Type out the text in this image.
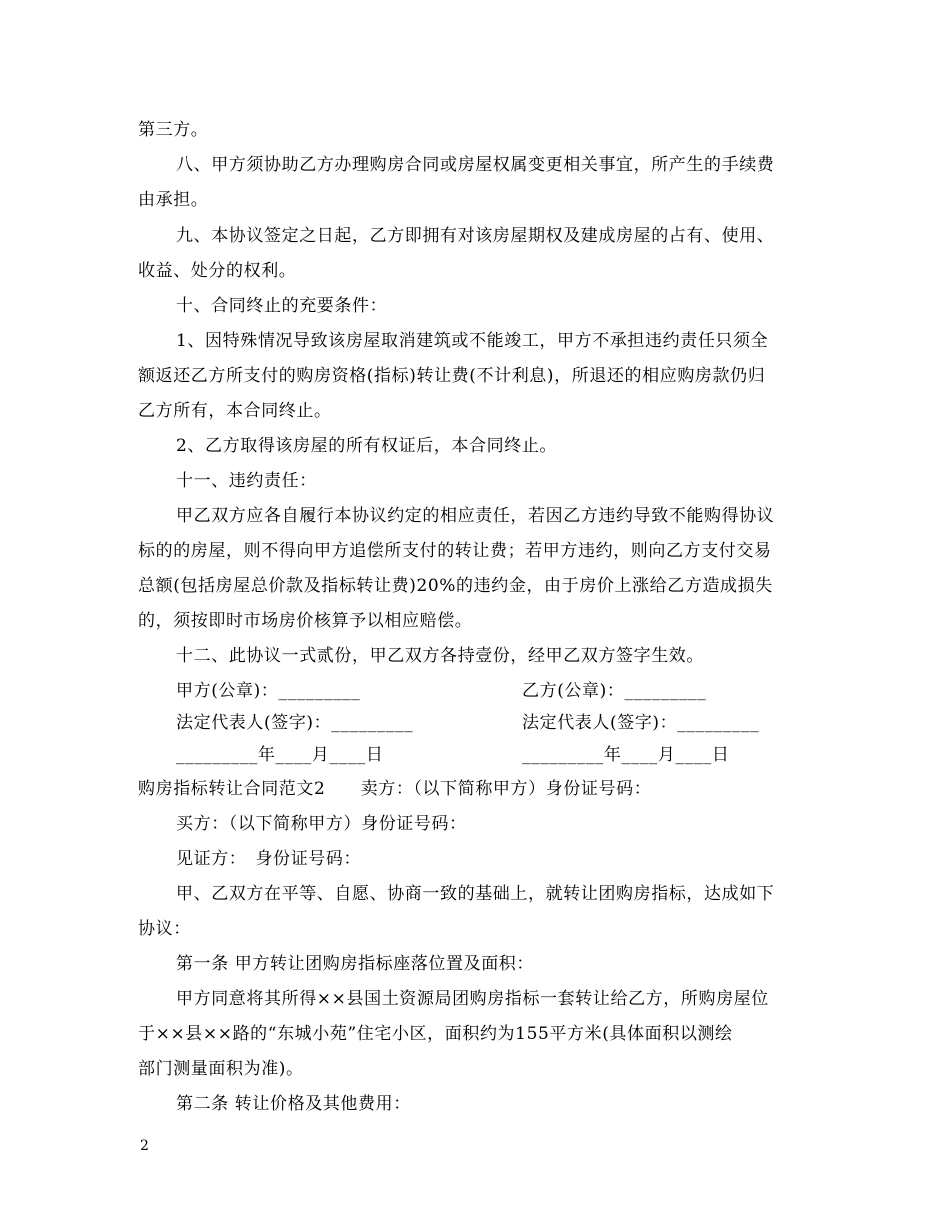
第三方。
八、甲方须协助乙方办理购房合同或房屋权属变更相关事宜，所产生的手续费
由承担。
九、本协议签定之日起，乙方即拥有对该房屋期权及建成房屋的占有、使用、
收益、处分的权利。
十、合同终止的充要条件：
1、因特殊情况导致该房屋取消建筑或不能竣工，甲方不承担违约责任只须全
额返还乙方所支付的购房资格(指标)转让费(不计利息)，所退还的相应购房款仍归
乙方所有，本合同终止。
2、乙方取得该房屋的所有权证后，本合同终止。
十一、违约责任：
甲乙双方应各自履行本协议约定的相应责任，若因乙方违约导致不能购得协议
标的的房屋，则不得向甲方追偿所支付的转让费；若甲方违约，则向乙方支付交易
总额(包括房屋总价款及指标转让费)20%的违约金，由于房价上涨给乙方造成损失
的，须按即时市场房价核算予以相应赔偿。
十二、此协议一式贰份，甲乙双方各持壹份，经甲乙双方签字生效。
甲方(公章)：_________	乙方(公章)：_________
法定代表人(签字)：_________	法定代表人(签字)：_________
_________年____月____日	_________年____月____日
购房指标转让合同范文2　　卖方：（以下简称甲方）身份证号码：
买方：（以下简称甲方）身份证号码：
见证方：　身份证号码：
甲、乙双方在平等、自愿、协商一致的基础上，就转让团购房指标，达成如下
协议：
第一条 甲方转让团购房指标座落位置及面积：
甲方同意将其所得××县国土资源局团购房指标一套转让给乙方，所购房屋位
于××县××路的“东城小苑”住宅小区，面积约为155平方米(具体面积以测绘
部门测量面积为准)。
第二条 转让价格及其他费用：
2
